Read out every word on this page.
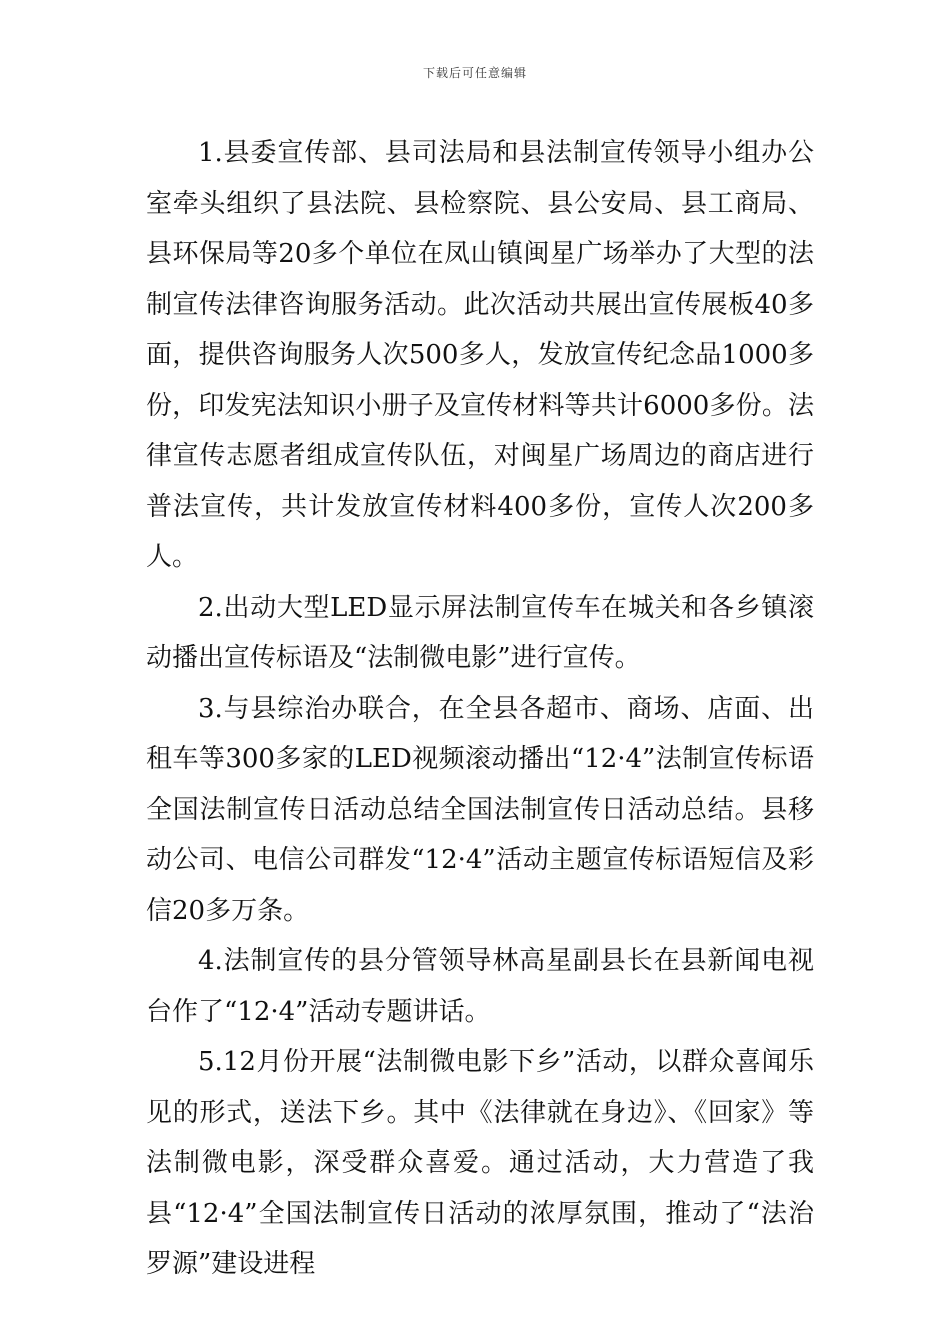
下载后可任意编辑

1.县委宣传部、县司法局和县法制宣传领导小组办公室牵头组织了县法院、县检察院、县公安局、县工商局、县环保局等20多个单位在凤山镇闽星广场举办了大型的法制宣传法律咨询服务活动。此次活动共展出宣传展板40多面，提供咨询服务人次500多人，发放宣传纪念品1000多份，印发宪法知识小册子及宣传材料等共计6000多份。法律宣传志愿者组成宣传队伍，对闽星广场周边的商店进行普法宣传，共计发放宣传材料400多份，宣传人次200多人。

2.出动大型LED显示屏法制宣传车在城关和各乡镇滚动播出宣传标语及“法制微电影”进行宣传。

3.与县综治办联合，在全县各超市、商场、店面、出租车等300多家的LED视频滚动播出“12·4”法制宣传标语全国法制宣传日活动总结全国法制宣传日活动总结。县移动公司、电信公司群发“12·4”活动主题宣传标语短信及彩信20多万条。

4.法制宣传的县分管领导林高星副县长在县新闻电视台作了“12·4”活动专题讲话。

5.12月份开展“法制微电影下乡”活动，以群众喜闻乐见的形式，送法下乡。其中《法律就在身边》、《回家》等法制微电影，深受群众喜爱。通过活动，大力营造了我县“12·4”全国法制宣传日活动的浓厚氛围，推动了“法治罗源”建设进程
